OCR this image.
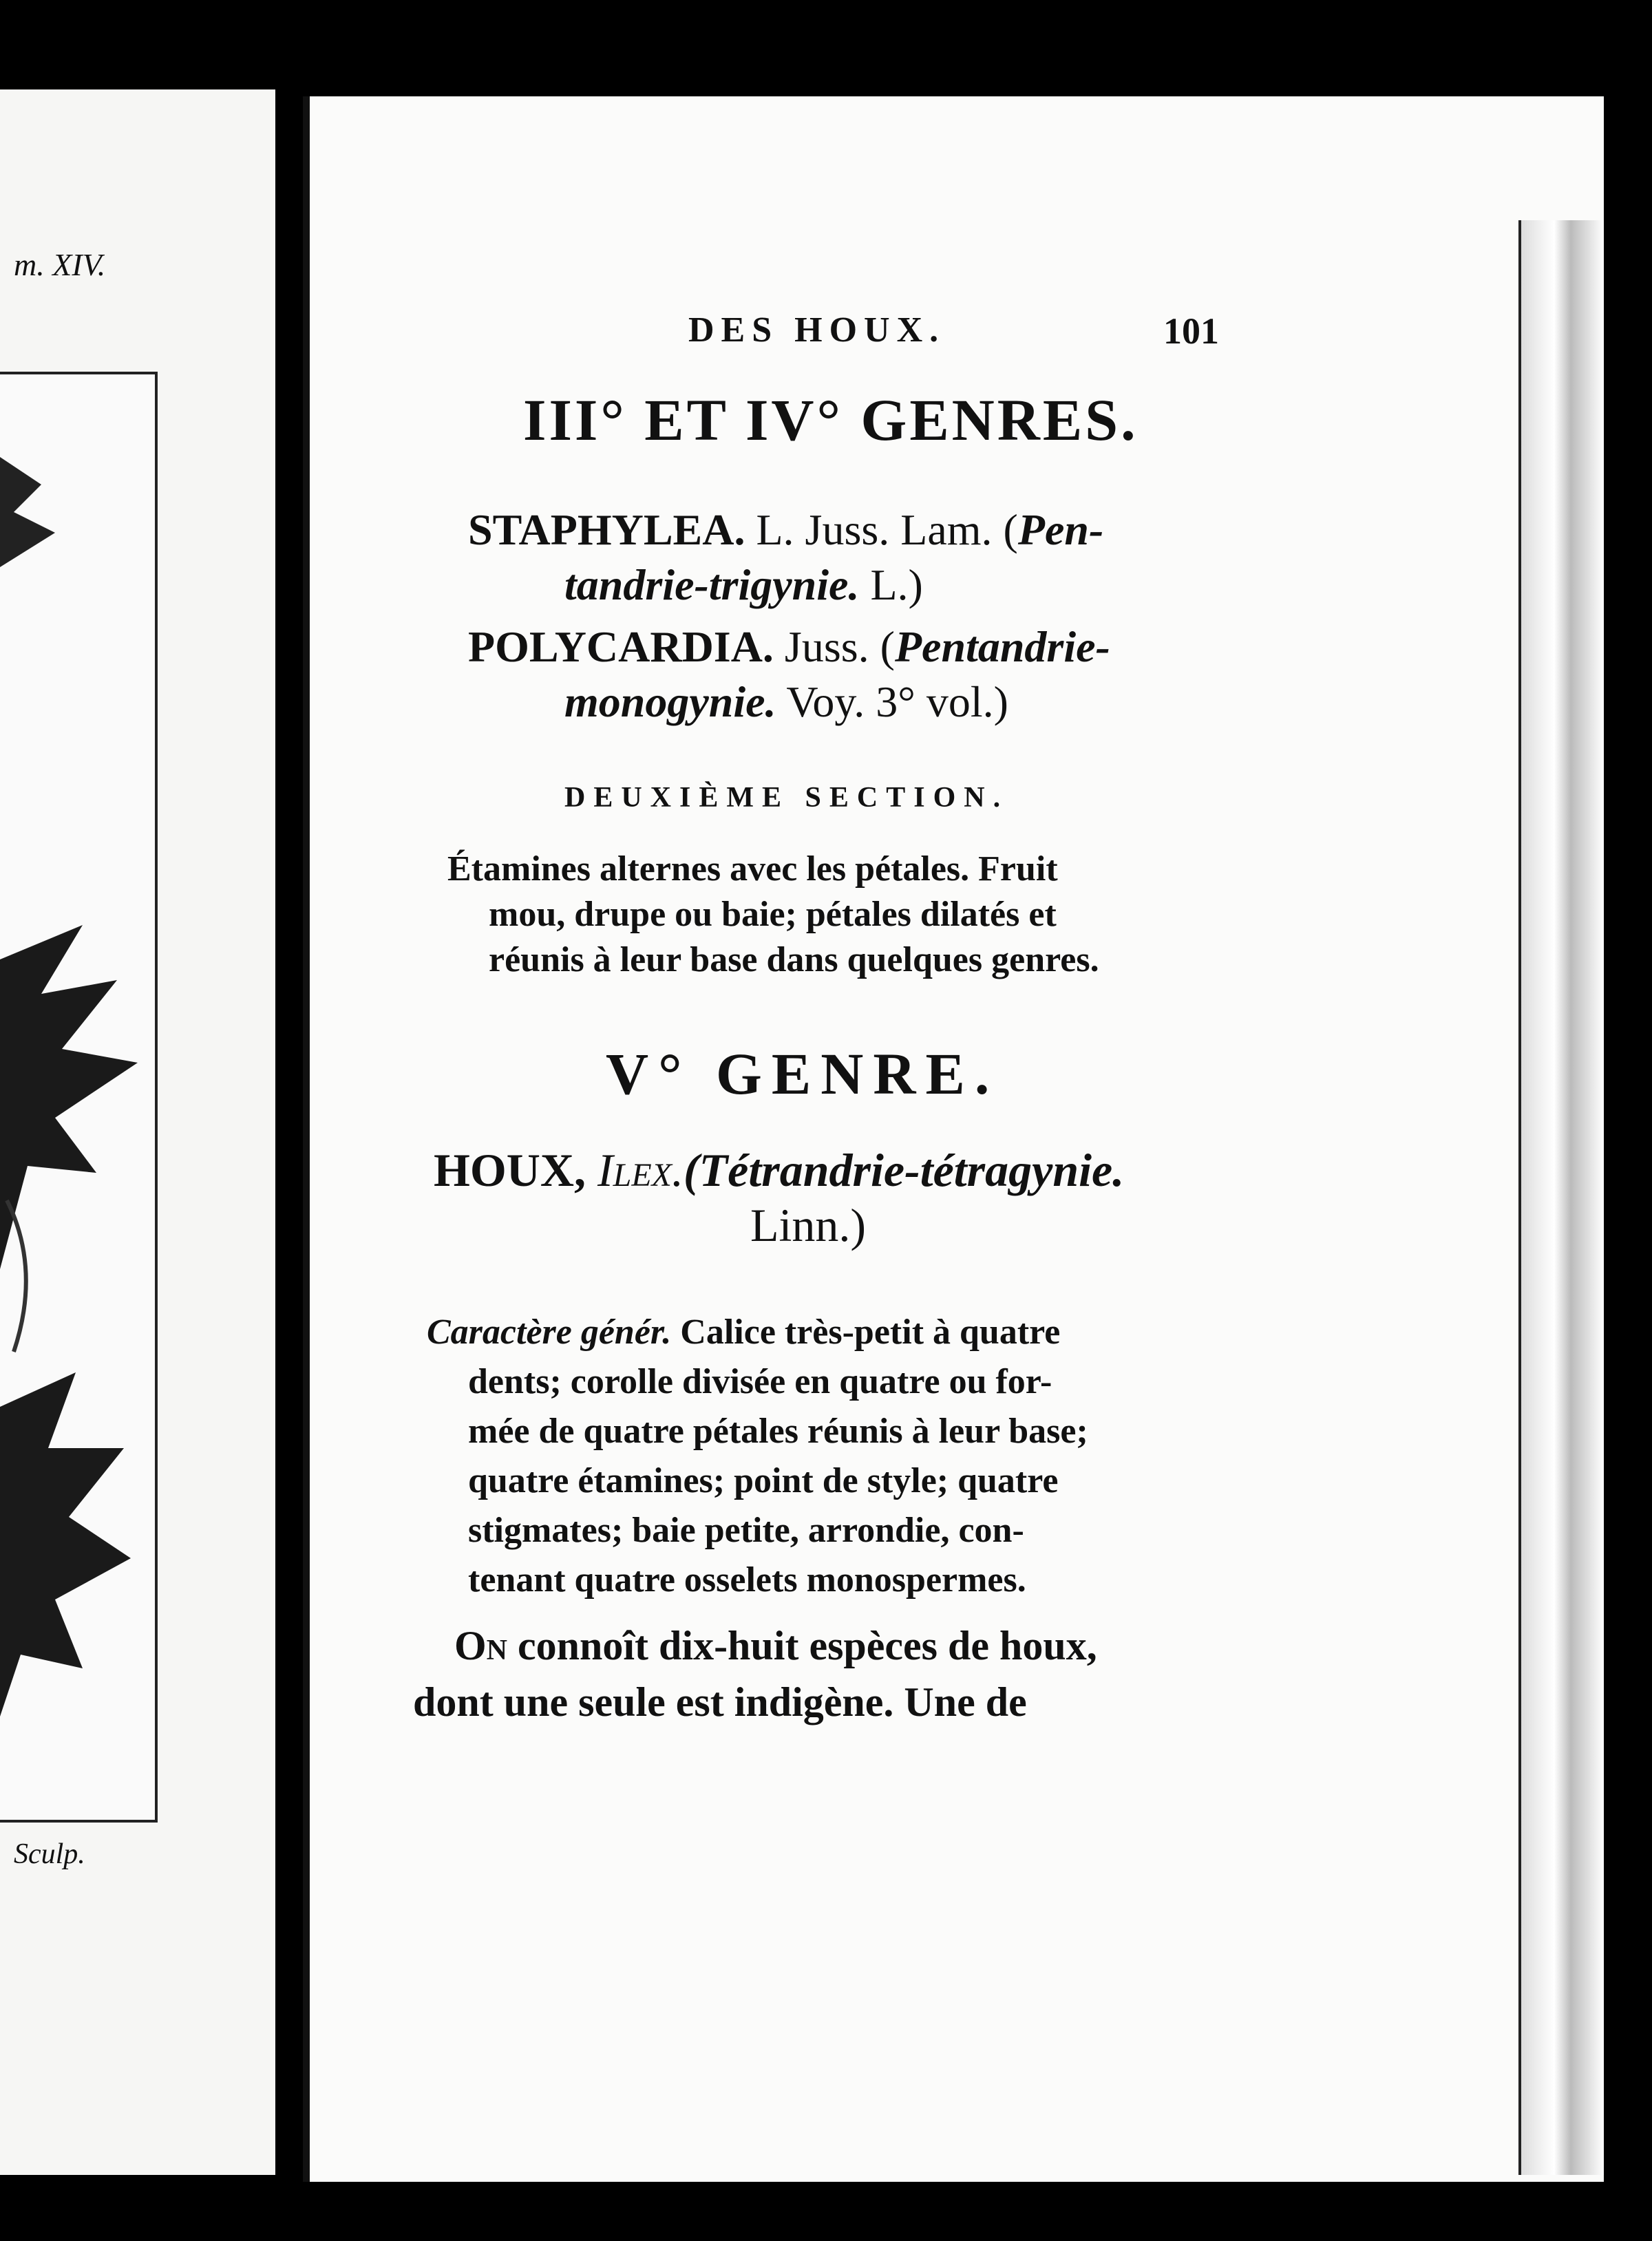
m. XIV.
Sculp.
DES HOUX.	101
III° ET IV° GENRES.
STAPHYLEA. L. Juss. Lam. (Pen-
tandrie-trigynie. L.)
POLYCARDIA. Juss. (Pentandrie-
monogynie. Voy. 3° vol.)
DEUXIÈME SECTION.
Étamines alternes avec les pétales. Fruit
mou, drupe ou baie; pétales dilatés et
réunis à leur base dans quelques genres.
V° GENRE.
HOUX, Ilex.(Tétrandrie-tétragynie.
Linn.)
Caractère génér. Calice très-petit à quatre
dents; corolle divisée en quatre ou for-
mée de quatre pétales réunis à leur base;
quatre étamines; point de style; quatre
stigmates; baie petite, arrondie, con-
tenant quatre osselets monospermes.
On connoît dix-huit espèces de houx,
dont une seule est indigène. Une de
